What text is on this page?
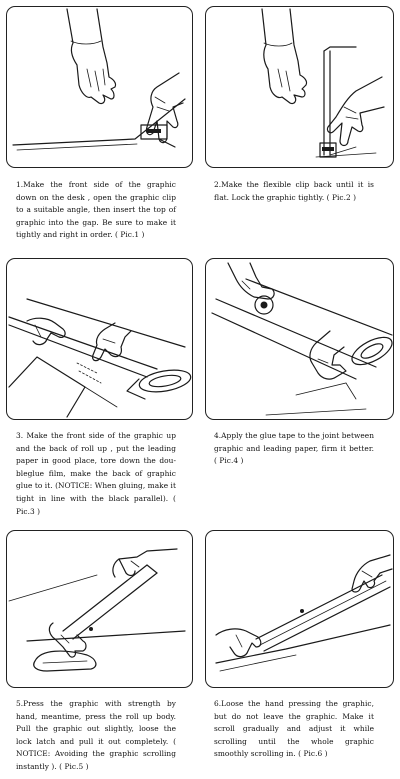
1.Make the front side of the graphic down on the desk , open the graphic clip to a suitable angle, then insert the top of graphic into the gap. Be sure to make it tightly and right in order. ( Pic.1 )
2.Make the flexible clip back until it is flat. Lock the graphic tightly. ( Pic.2 )
3. Make the front side of the graphic up and the back of roll up , put the leading paper in good place, tore down the dou-bleglue film, make the back of graphic glue to it. (NOTICE: When gluing, make it tight in line with the black parallel). ( Pic.3 )
4.Apply the glue tape to the joint between graphic and leading paper, firm it better. ( Pic.4 )
5.Press the graphic with strength by hand, meantime, press the roll up body. Pull the graphic out slightly, loose the lock latch and pull it out completely. ( NOTICE: Avoiding the graphic scrolling instantly ). ( Pic.5 )
6.Loose the hand pressing the graphic, but do not leave the graphic. Make it scroll gradually and adjust it while scrolling until the whole graphic smoothly scrolling in. ( Pic.6 )
